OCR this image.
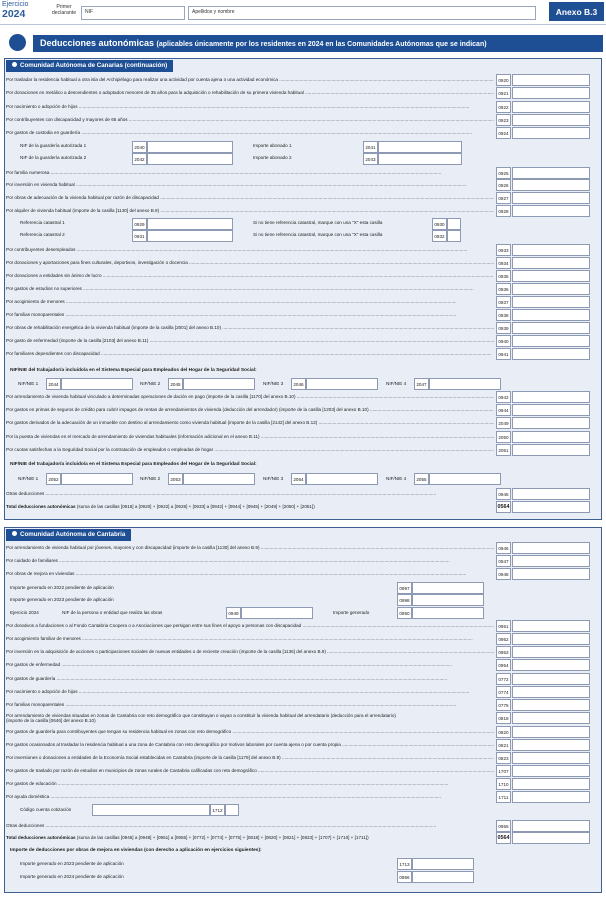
Ejercicio
2024
Primer declarante	NIF	Apellidos y nombre	Anexo B.3
Deducciones autonómicas (aplicables únicamente por los residentes en 2024 en las Comunidades Autónomas que se indican)
Comunidad Autónoma de Canarias (continuación)
Por trasladar la residencia habitual a otra isla del Archipiélago para realizar una actividad por cuenta ajena o una actividad económica .....	0920
Por donaciones en metálico a descendientes o adoptados menores de 35 años para la adquisición o rehabilitación de su primera vivienda habitual .....	0921
Por nacimiento o adopción de hijos .....	0922
Por contribuyentes con discapacidad y mayores de 65 años .....	0923
Por gastos de custodia en guardería .....	0924
NIF de la guardería autorizada 1	2040	Importe abonado 1	2041
NIF de la guardería autorizada 2	2042	Importe abonado 2	2043
Por familia numerosa .....	0925
Por inversión en vivienda habitual .....	0926
Por obras de adecuación de la vivienda habitual por razón de discapacidad .....	0927
Por alquiler de vivienda habitual (importe de la casilla [1130] del anexo B.9) .....	0928
Referencia catastral 1	0929	Si no tiene referencia catastral, marque con una "X" esta casilla	0930
Referencia catastral 2	0931	Si no tiene referencia catastral, marque con una "X" esta casilla	0932
Por contribuyentes desempleados .....	0933
Por donaciones y aportaciones para fines culturales, deportivos, investigación o docencia .....	0934
Por donaciones a entidades sin ánimo de lucro .....	0935
Por gastos de estudios no superiores .....	0936
Por acogimiento de menores .....	0937
Por familias monoparentales .....	0938
Por obras de rehabilitación energética de la vivienda habitual (importe de la casilla [2001] del anexo B.10) .....	0939
Por gasto de enfermedad (importe de la casilla [2103] del anexo B.11) .....	0940
Por familiares dependientes con discapacidad .....	0941
NIF/NIE del trabajador/a incluido/a en el Sistema Especial para Empleados del Hogar de la Seguridad Social:
NIF/NIE 1	2044	NIF/NIE 2	2045	NIF/NIE 3	2046	NIF/NIE 4	2047
Por arrendamiento de vivienda habitual vinculado a determinadas operaciones de dación en pago (importe de la casilla [1170] del anexo B.10) .....	0942
Por gastos en primas de seguros de crédito para cubrir impagos de rentas de arrendamientos de vivienda (deducción del arrendador) (importe de la casilla [1203] del anexo B.10) .....	0944
Por gastos derivados de la adecuación de un inmueble con destino al arrendamiento como vivienda habitual (importe de la casilla [2142] del anexo B.12) .....	2049
Por la puesta de viviendas en el mercado de arrendamiento de viviendas habituales (información adicional en el anexo B.11) .....	2050
Por cuotas satisfechas a la Seguridad Social por la contratación de empleados o empleadas de hogar .....	2051
NIF/NIE del trabajador/a incluido/a en el Sistema Especial para Empleados del Hogar de la Seguridad Social:
NIF/NIE 1	2052	NIF/NIE 2	2053	NIF/NIE 3	2054	NIF/NIE 4	2055
Otras deducciones .....	0945
Total deducciones autonómicas (suma de las casillas [0916] a [0920] + [0922] a [0928] + [0933] a [0942] + [0944] + [0945] + [2049] + [2050] + [2051])	0564
Comunidad Autónoma de Cantabria
Por arrendamiento de vivienda habitual por jóvenes, mayores y con discapacidad (importe de la casilla [1130] del anexo B.9) .....	0946
Por cuidado de familiares .....	0947
Por obras de mejora en viviendas .....	0948
Importe generado en 2022 pendiente de aplicación	0997
Importe generado en 2023 pendiente de aplicación	0998
Ejercicio 2024	NIF de la persona o entidad que realiza las obras	0949	Importe generado	0950
Por donativos a fundaciones o al Fondo Cantabria Coopera o a Asociaciones que persigan entre sus fines el apoyo a personas con discapacidad .....	0951
Por acogimiento familiar de menores .....	0952
Por inversión en la adquisición de acciones o participaciones sociales de nuevas entidades o de reciente creación (importe de la casilla [1136] del anexo B.9) .....	0953
Por gastos de enfermedad .....	0954
Por gastos de guardería .....	0772
Por nacimiento o adopción de hijos .....	0774
Por familias monoparentales .....	0775
Por arrendamiento de viviendas situadas en zonas de Cantabria con reto demográfico que constituyan o vayan a constituir la vivienda habitual del arrendatario (deducción para el arrendatario)
(importe de la casilla [0646] del anexo B.10)	0818
Por gastos de guardería para contribuyentes que tengan su residencia habitual en zonas con reto demográfico .....	0820
Por gastos ocasionados al trasladar la residencia habitual a una zona de Cantabria con reto demográfico por motivos laborales por cuenta ajena o por cuenta propia .....	0821
Por inversiones o donaciones a entidades de la Economía Social establecidas en Cantabria (importe de la casilla [1179] del anexo B.9) .....	0823
Por gastos de traslado por razón de estudios en municipios de zonas rurales de Cantabria calificadas con reto demográfico .....	1707
Por gastos de educación .....	1710
Por ayuda doméstica .....	1711
Código cuenta cotización	1712
Otras deducciones .....	0955
Total deducciones autonómicas (suma de las casillas [0946] a [0948] + [0951] a [0955] + [0772] + [0774] + [0775] + [0818] + [0820] + [0821] + [0823] + [1707] + [1710] + [1711])	0564
Importe de deducciones por obras de mejora en viviendas (con derecho a aplicación en ejercicios siguientes):
Importe generado en 2023 pendiente de aplicación	1713
Importe generado en 2024 pendiente de aplicación	0956
